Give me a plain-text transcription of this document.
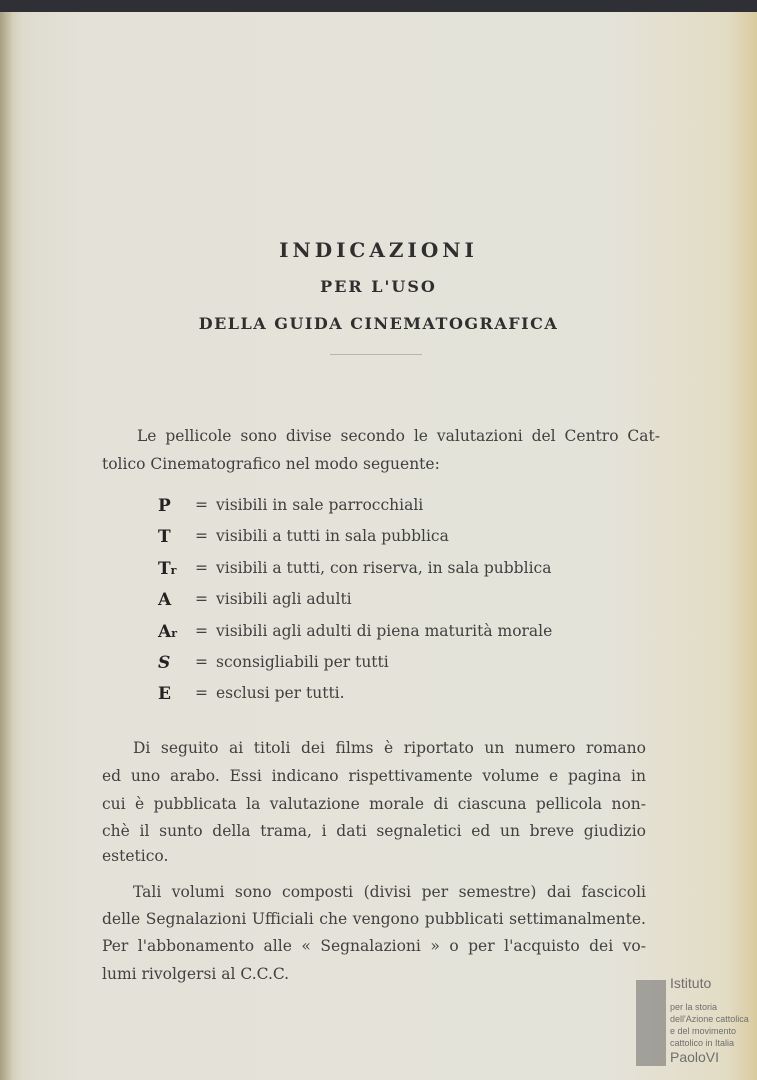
INDICAZIONI
PER L'USO
DELLA GUIDA CINEMATOGRAFICA
Le pellicole sono divise secondo le valutazioni del Centro Cat-
tolico Cinematografico nel modo seguente:
P = visibili in sale parrocchiali
T = visibili a tutti in sala pubblica
Tr = visibili a tutti, con riserva, in sala pubblica
A = visibili agli adulti
Ar = visibili agli adulti di piena maturità morale
S = sconsigliabili per tutti
E = esclusi per tutti.
Di seguito ai titoli dei films è riportato un numero romano
ed uno arabo. Essi indicano rispettivamente volume e pagina in
cui è pubblicata la valutazione morale di ciascuna pellicola non-
chè il sunto della trama, i dati segnaletici ed un breve giudizio
estetico.
Tali volumi sono composti (divisi per semestre) dai fascicoli
delle Segnalazioni Ufficiali che vengono pubblicati settimanalmente.
Per l'abbonamento alle « Segnalazioni » o per l'acquisto dei vo-
lumi rivolgersi al C.C.C.	Istituto
per la storia
dell'Azione cattolica
e del movimento
cattolico in Italia
PaoloVI
